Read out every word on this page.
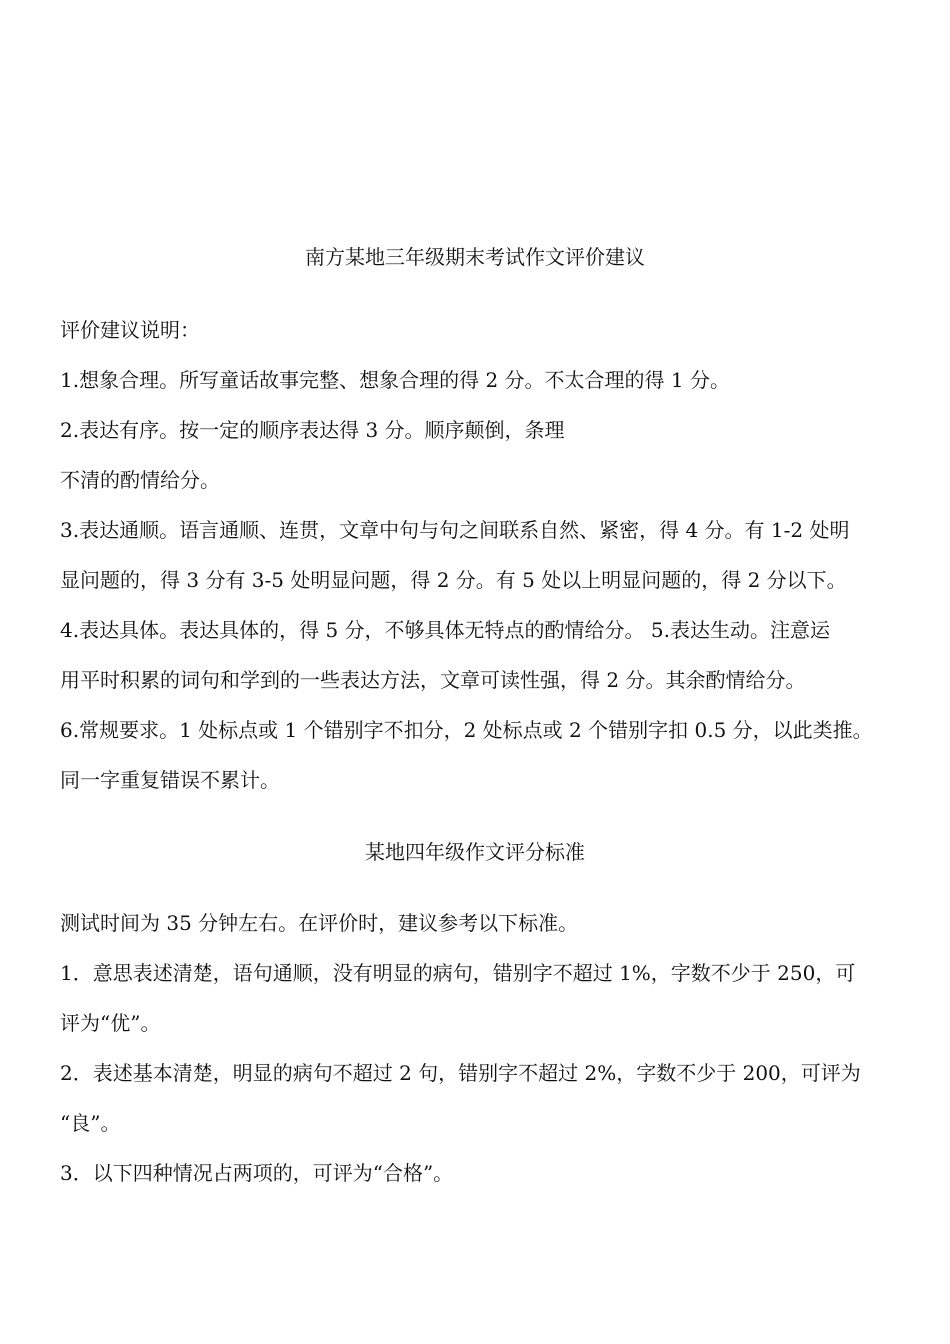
南方某地三年级期末考试作文评价建议
评价建议说明：
1.想象合理。所写童话故事完整、想象合理的得 2 分。不太合理的得 1 分。
2.表达有序。按一定的顺序表达得 3 分。顺序颠倒，条理
不清的酌情给分。
3.表达通顺。语言通顺、连贯，文章中句与句之间联系自然、紧密，得 4 分。有 1-2 处明
显问题的，得 3 分有 3-5 处明显问题，得 2 分。有 5 处以上明显问题的，得 2 分以下。
4.表达具体。表达具体的，得 5 分，不够具体无特点的酌情给分。 5.表达生动。注意运
用平时积累的词句和学到的一些表达方法，文章可读性强，得 2 分。其余酌情给分。
6.常规要求。1 处标点或 1 个错别字不扣分，2 处标点或 2 个错别字扣 0.5 分，以此类推。
同一字重复错误不累计。
某地四年级作文评分标准
测试时间为 35 分钟左右。在评价时，建议参考以下标准。
1．意思表述清楚，语句通顺，没有明显的病句，错别字不超过 1%，字数不少于 250，可
评为“优”。
2．表述基本清楚，明显的病句不超过 2 句，错别字不超过 2%，字数不少于 200，可评为
“良”。
3．以下四种情况占两项的，可评为“合格”。
